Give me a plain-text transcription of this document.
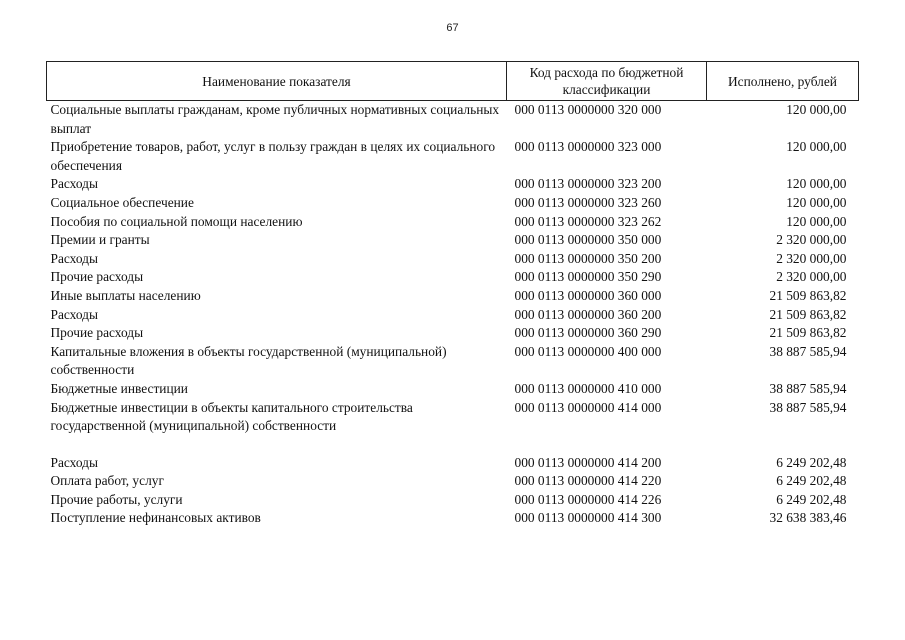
67
Наименование показателя	Код расхода по бюджетной классификации	Исполнено, рублей
Социальные выплаты гражданам, кроме публичных нормативных социальных выплат	000 0113 0000000 320 000	120 000,00
Приобретение товаров, работ, услуг в пользу граждан в целях их социального обеспечения	000 0113 0000000 323 000	120 000,00
Расходы	000 0113 0000000 323 200	120 000,00
Социальное обеспечение	000 0113 0000000 323 260	120 000,00
Пособия по социальной помощи населению	000 0113 0000000 323 262	120 000,00
Премии и гранты	000 0113 0000000 350 000	2 320 000,00
Расходы	000 0113 0000000 350 200	2 320 000,00
Прочие расходы	000 0113 0000000 350 290	2 320 000,00
Иные выплаты населению	000 0113 0000000 360 000	21 509 863,82
Расходы	000 0113 0000000 360 200	21 509 863,82
Прочие расходы	000 0113 0000000 360 290	21 509 863,82
Капитальные вложения в объекты государственной (муниципальной) собственности	000 0113 0000000 400 000	38 887 585,94
Бюджетные инвестиции	000 0113 0000000 410 000	38 887 585,94
Бюджетные инвестиции в объекты капитального строительства государственной (муниципальной) собственности	000 0113 0000000 414 000	38 887 585,94

Расходы	000 0113 0000000 414 200	6 249 202,48
Оплата работ, услуг	000 0113 0000000 414 220	6 249 202,48
Прочие работы, услуги	000 0113 0000000 414 226	6 249 202,48
Поступление нефинансовых активов	000 0113 0000000 414 300	32 638 383,46
